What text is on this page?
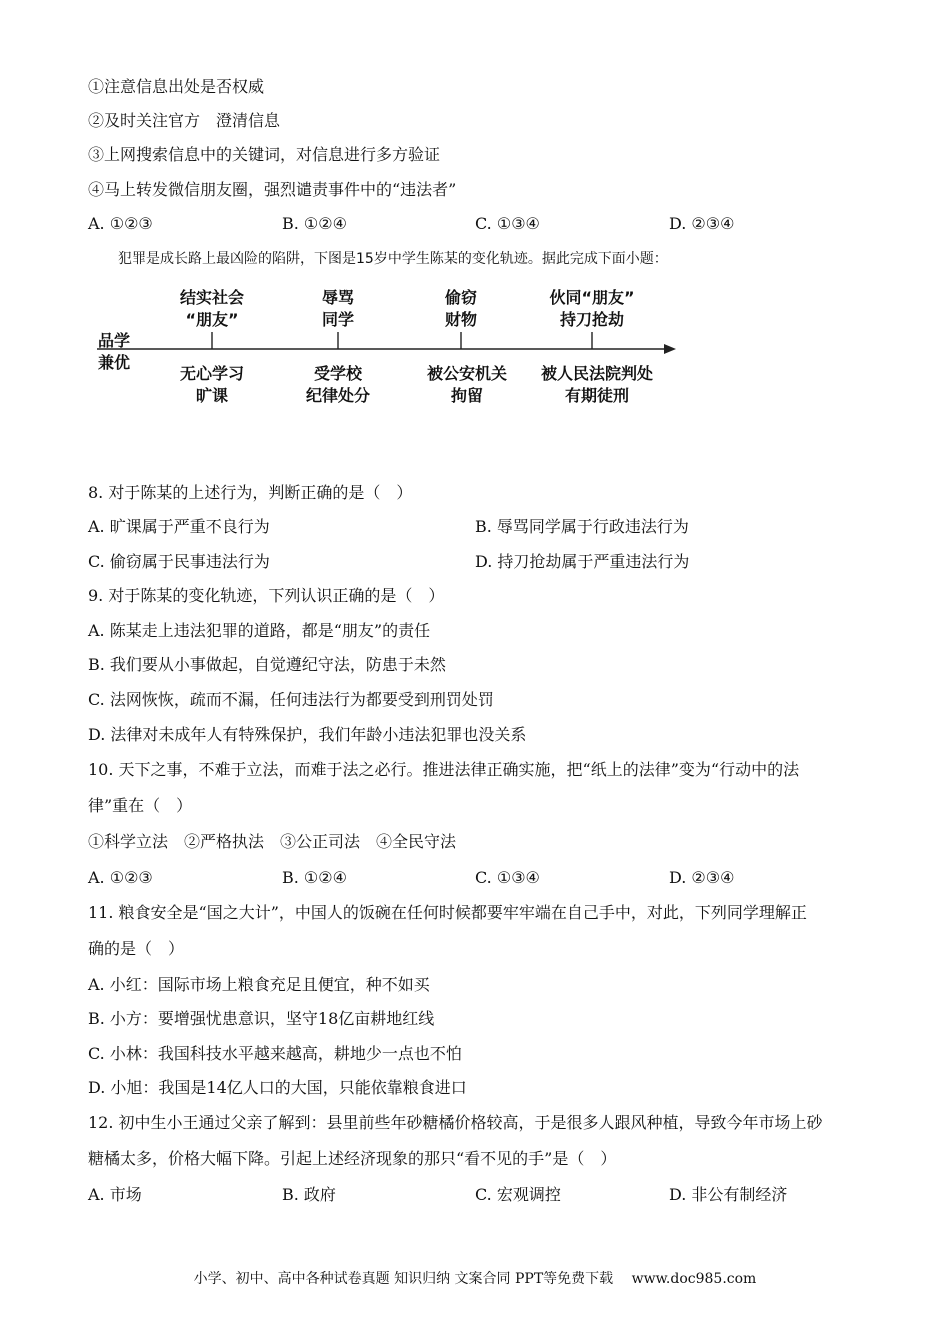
①注意信息出处是否权威
②及时关注官方　澄清信息
③上网搜索信息中的关键词，对信息进行多方验证
④马上转发微信朋友圈，强烈谴责事件中的“违法者”
A. ①②③	B. ①②④	C. ①③④	D. ②③④
犯罪是成长路上最凶险的陷阱，下图是15岁中学生陈某的变化轨迹。据此完成下面小题：
品学
兼优
结实社会
“朋友”
辱骂
同学
偷窃
财物
伙同“朋友”
持刀抢劫
无心学习
旷课
受学校
纪律处分
被公安机关
拘留
被人民法院判处
有期徒刑
8. 对于陈某的上述行为，判断正确的是（　）
A. 旷课属于严重不良行为	B. 辱骂同学属于行政违法行为
C. 偷窃属于民事违法行为	D. 持刀抢劫属于严重违法行为
9. 对于陈某的变化轨迹，下列认识正确的是（　）
A. 陈某走上违法犯罪的道路，都是“朋友”的责任
B. 我们要从小事做起，自觉遵纪守法，防患于未然
C. 法网恢恢，疏而不漏，任何违法行为都要受到刑罚处罚
D. 法律对未成年人有特殊保护，我们年龄小违法犯罪也没关系
10. 天下之事，不难于立法，而难于法之必行。推进法律正确实施，把“纸上的法律”变为“行动中的法
律”重在（　）
①科学立法　②严格执法　③公正司法　④全民守法
A. ①②③	B. ①②④	C. ①③④	D. ②③④
11. 粮食安全是“国之大计”，中国人的饭碗在任何时候都要牢牢端在自己手中，对此，下列同学理解正
确的是（　）
A. 小红：国际市场上粮食充足且便宜，种不如买
B. 小方：要增强忧患意识，坚守18亿亩耕地红线
C. 小林：我国科技水平越来越高，耕地少一点也不怕
D. 小旭：我国是14亿人口的大国，只能依靠粮食进口
12. 初中生小王通过父亲了解到：县里前些年砂糖橘价格较高，于是很多人跟风种植，导致今年市场上砂
糖橘太多，价格大幅下降。引起上述经济现象的那只“看不见的手”是（　）
A. 市场	B. 政府	C. 宏观调控	D. 非公有制经济
小学、初中、高中各种试卷真题 知识归纳 文案合同 PPT等免费下载　 www.doc985.com
